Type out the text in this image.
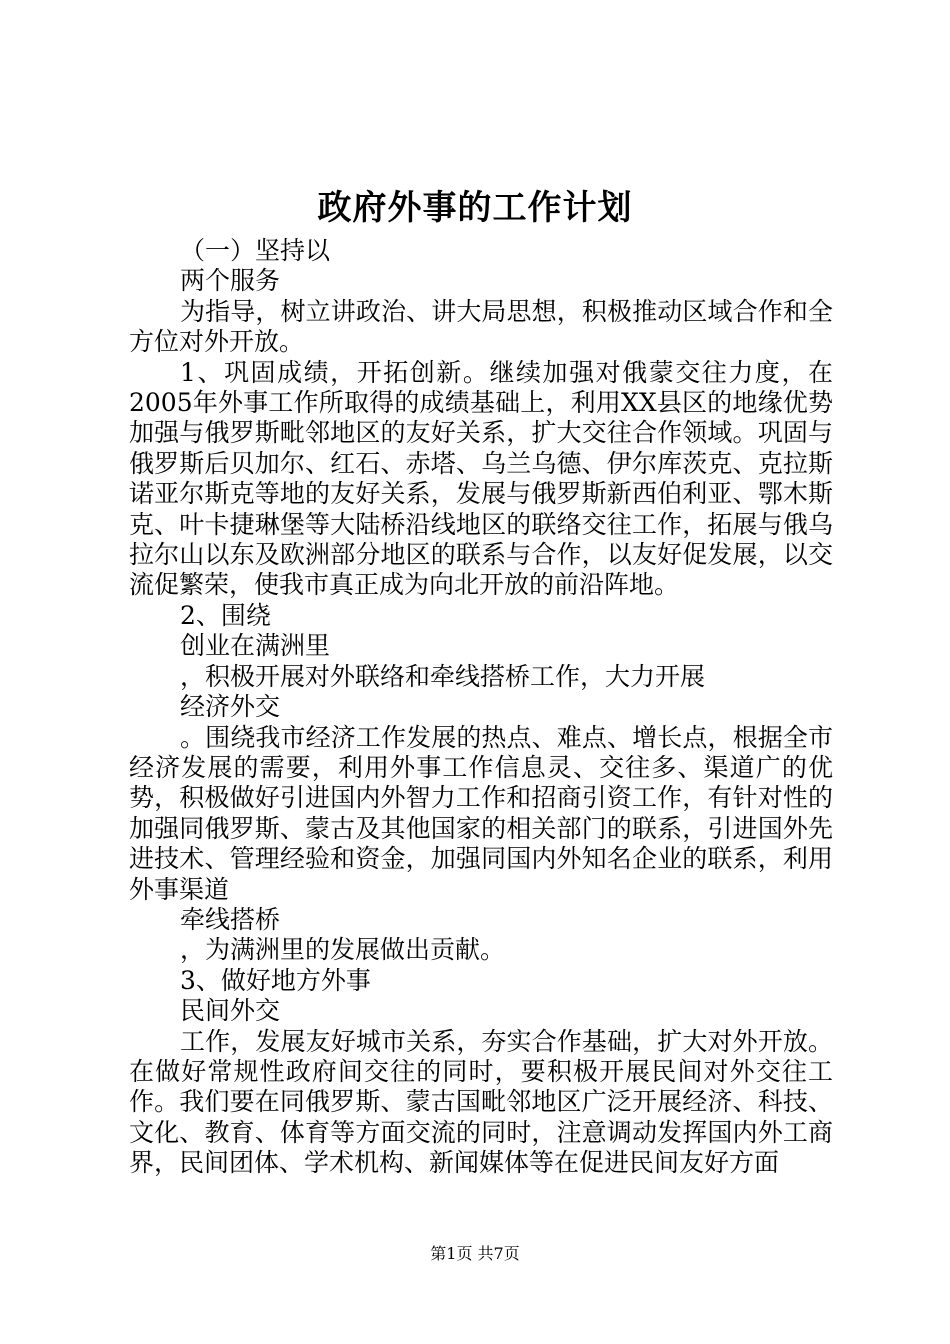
政府外事的工作计划

（一）坚持以

两个服务

为指导，树立讲政治、讲大局思想，积极推动区域合作和全方位对外开放。

1、巩固成绩，开拓创新。继续加强对俄蒙交往力度，在2005年外事工作所取得的成绩基础上，利用XX县区的地缘优势加强与俄罗斯毗邻地区的友好关系，扩大交往合作领域。巩固与俄罗斯后贝加尔、红石、赤塔、乌兰乌德、伊尔库茨克、克拉斯诺亚尔斯克等地的友好关系，发展与俄罗斯新西伯利亚、鄂木斯克、叶卡捷琳堡等大陆桥沿线地区的联络交往工作，拓展与俄乌拉尔山以东及欧洲部分地区的联系与合作，以友好促发展，以交流促繁荣，使我市真正成为向北开放的前沿阵地。

2、围绕

创业在满洲里

，积极开展对外联络和牵线搭桥工作，大力开展

经济外交

。围绕我市经济工作发展的热点、难点、增长点，根据全市经济发展的需要，利用外事工作信息灵、交往多、渠道广的优势，积极做好引进国内外智力工作和招商引资工作，有针对性的加强同俄罗斯、蒙古及其他国家的相关部门的联系，引进国外先进技术、管理经验和资金，加强同国内外知名企业的联系，利用外事渠道

牵线搭桥

，为满洲里的发展做出贡献。

3、做好地方外事

民间外交

工作，发展友好城市关系，夯实合作基础，扩大对外开放。在做好常规性政府间交往的同时，要积极开展民间对外交往工作。我们要在同俄罗斯、蒙古国毗邻地区广泛开展经济、科技、文化、教育、体育等方面交流的同时，注意调动发挥国内外工商界，民间团体、学术机构、新闻媒体等在促进民间友好方面

第1页 共7页
